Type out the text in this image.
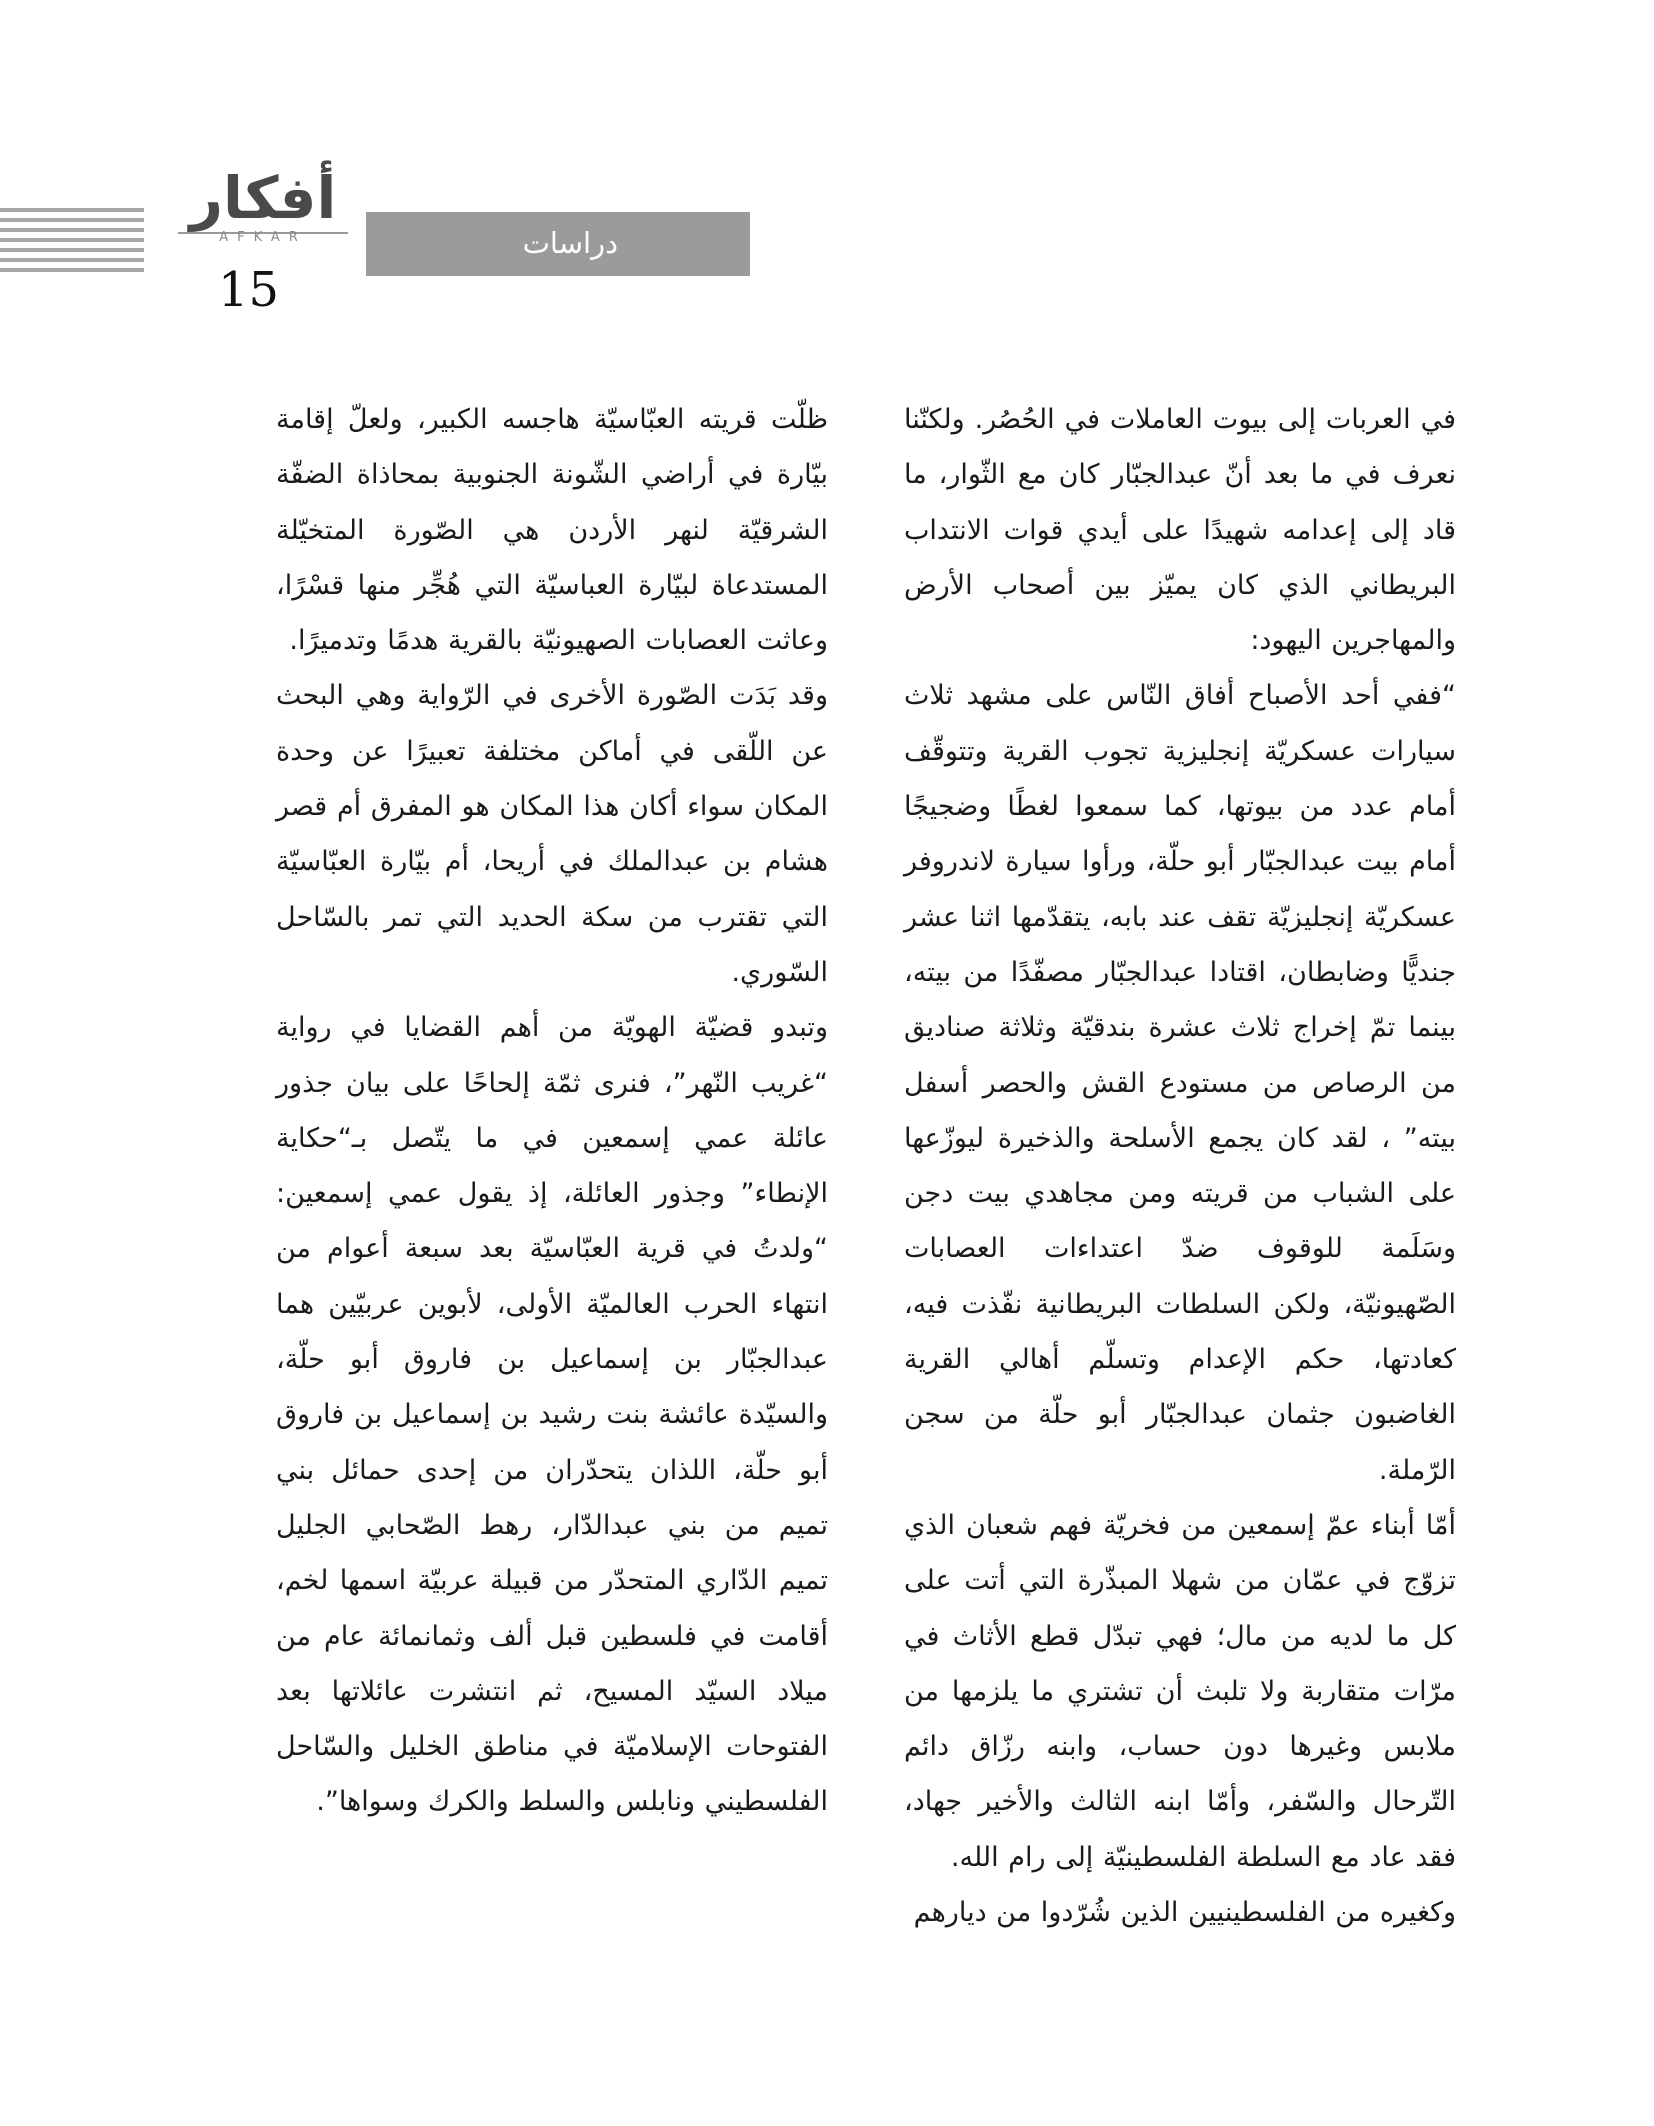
أفكار
AFKAR
15
دراسات

في العربات إلى بيوت العاملات في الحُصُر. ولكنّنا نعرف في ما بعد أنّ عبدالجبّار كان مع الثّوار، ما قاد إلى إعدامه شهيدًا على أيدي قوات الانتداب البريطاني الذي كان يميّز بين أصحاب الأرض والمهاجرين اليهود:

“ففي أحد الأصباح أفاق النّاس على مشهد ثلاث سيارات عسكريّة إنجليزية تجوب القرية وتتوقّف أمام عدد من بيوتها، كما سمعوا لغطًا وضجيجًا أمام بيت عبدالجبّار أبو حلّة، ورأوا سيارة لاندروفر عسكريّة إنجليزيّة تقف عند بابه، يتقدّمها اثنا عشر جنديًّا وضابطان، اقتادا عبدالجبّار مصفّدًا من بيته، بينما تمّ إخراج ثلاث عشرة بندقيّة وثلاثة صناديق من الرصاص من مستودع القش والحصر أسفل بيته” ، لقد كان يجمع الأسلحة والذخيرة ليوزّعها على الشباب من قريته ومن مجاهدي بيت دجن وسَلَمة للوقوف ضدّ اعتداءات العصابات الصّهيونيّة، ولكن السلطات البريطانية نفّذت فيه، كعادتها، حكم الإعدام وتسلّم أهالي القرية الغاضبون جثمان عبدالجبّار أبو حلّة من سجن الرّملة.

أمّا أبناء عمّ إسمعين من فخريّة فهم شعبان الذي تزوّج في عمّان من شهلا المبذّرة التي أتت على كل ما لديه من مال؛ فهي تبدّل قطع الأثاث في مرّات متقاربة ولا تلبث أن تشتري ما يلزمها من ملابس وغيرها دون حساب، وابنه رزّاق دائم التّرحال والسّفر، وأمّا ابنه الثالث والأخير جهاد، فقد عاد مع السلطة الفلسطينيّة إلى رام الله.

وكغيره من الفلسطينيين الذين شُرّدوا من ديارهم

ظلّت قريته العبّاسيّة هاجسه الكبير، ولعلّ إقامة بيّارة في أراضي الشّونة الجنوبية بمحاذاة الضفّة الشرقيّة لنهر الأردن هي الصّورة المتخيّلة المستدعاة لبيّارة العباسيّة التي هُجِّر منها قسْرًا، وعاثت العصابات الصهيونيّة بالقرية هدمًا وتدميرًا.

وقد بَدَت الصّورة الأخرى في الرّواية وهي البحث عن اللّقى في أماكن مختلفة تعبيرًا عن وحدة المكان سواء أكان هذا المكان هو المفرق أم قصر هشام بن عبدالملك في أريحا، أم بيّارة العبّاسيّة التي تقترب من سكة الحديد التي تمر بالسّاحل السّوري.

وتبدو قضيّة الهويّة من أهم القضايا في رواية “غريب النّهر”، فنرى ثمّة إلحاحًا على بيان جذور عائلة عمي إسمعين في ما يتّصل بـ“حكاية الإنطاء” وجذور العائلة، إذ يقول عمي إسمعين: “ولدتُ في قرية العبّاسيّة بعد سبعة أعوام من انتهاء الحرب العالميّة الأولى، لأبوين عربيّين هما عبدالجبّار بن إسماعيل بن فاروق أبو حلّة، والسيّدة عائشة بنت رشيد بن إسماعيل بن فاروق أبو حلّة، اللذان يتحدّران من إحدى حمائل بني تميم من بني عبدالدّار، رهط الصّحابي الجليل تميم الدّاري المتحدّر من قبيلة عربيّة اسمها لخم، أقامت في فلسطين قبل ألف وثمانمائة عام من ميلاد السيّد المسيح، ثم انتشرت عائلاتها بعد الفتوحات الإسلاميّة في مناطق الخليل والسّاحل الفلسطيني ونابلس والسلط والكرك وسواها”.
